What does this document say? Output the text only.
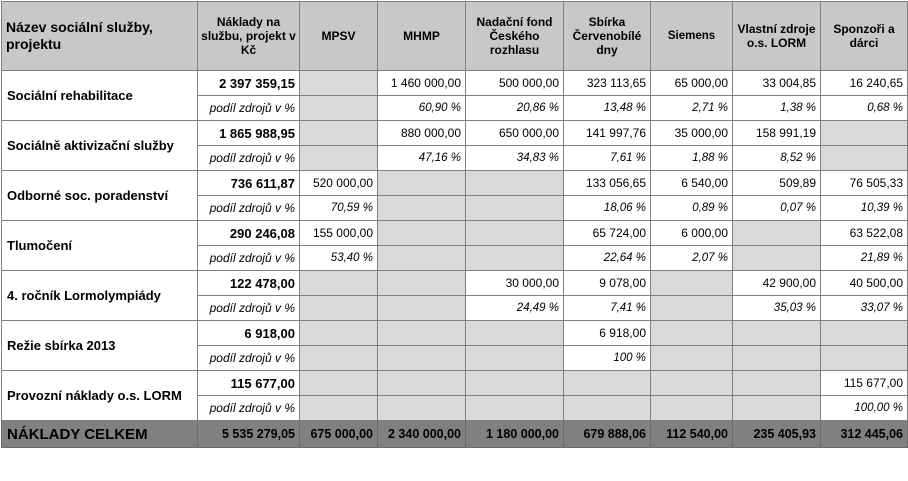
Název sociální služby, projektu	Náklady na službu, projekt v Kč	MPSV	MHMP	Nadační fond Českého rozhlasu	Sbírka Červenobílé dny	Siemens	Vlastní zdroje o.s. LORM	Sponzoři a dárci
Sociální rehabilitace	2 397 359,15		1 460 000,00	500 000,00	323 113,65	65 000,00	33 004,85	16 240,65
	podíl zdrojů v %		60,90 %	20,86 %	13,48 %	2,71 %	1,38 %	0,68 %
Sociálně aktivizační služby	1 865 988,95		880 000,00	650 000,00	141 997,76	35 000,00	158 991,19	
	podíl zdrojů v %		47,16 %	34,83 %	7,61 %	1,88 %	8,52 %	
Odborné soc. poradenství	736 611,87	520 000,00			133 056,65	6 540,00	509,89	76 505,33
	podíl zdrojů v %	70,59 %			18,06 %	0,89 %	0,07 %	10,39 %
Tlumočení	290 246,08	155 000,00			65 724,00	6 000,00		63 522,08
	podíl zdrojů v %	53,40 %			22,64 %	2,07 %		21,89 %
4. ročník Lormolympiády	122 478,00			30 000,00	9 078,00		42 900,00	40 500,00
	podíl zdrojů v %			24,49 %	7,41 %		35,03 %	33,07 %
Režie sbírka 2013	6 918,00				6 918,00			
	podíl zdrojů v %				100 %			
Provozní náklady o.s. LORM	115 677,00							115 677,00
	podíl zdrojů v %							100,00 %
NÁKLADY CELKEM	5 535 279,05	675 000,00	2 340 000,00	1 180 000,00	679 888,06	112 540,00	235 405,93	312 445,06
